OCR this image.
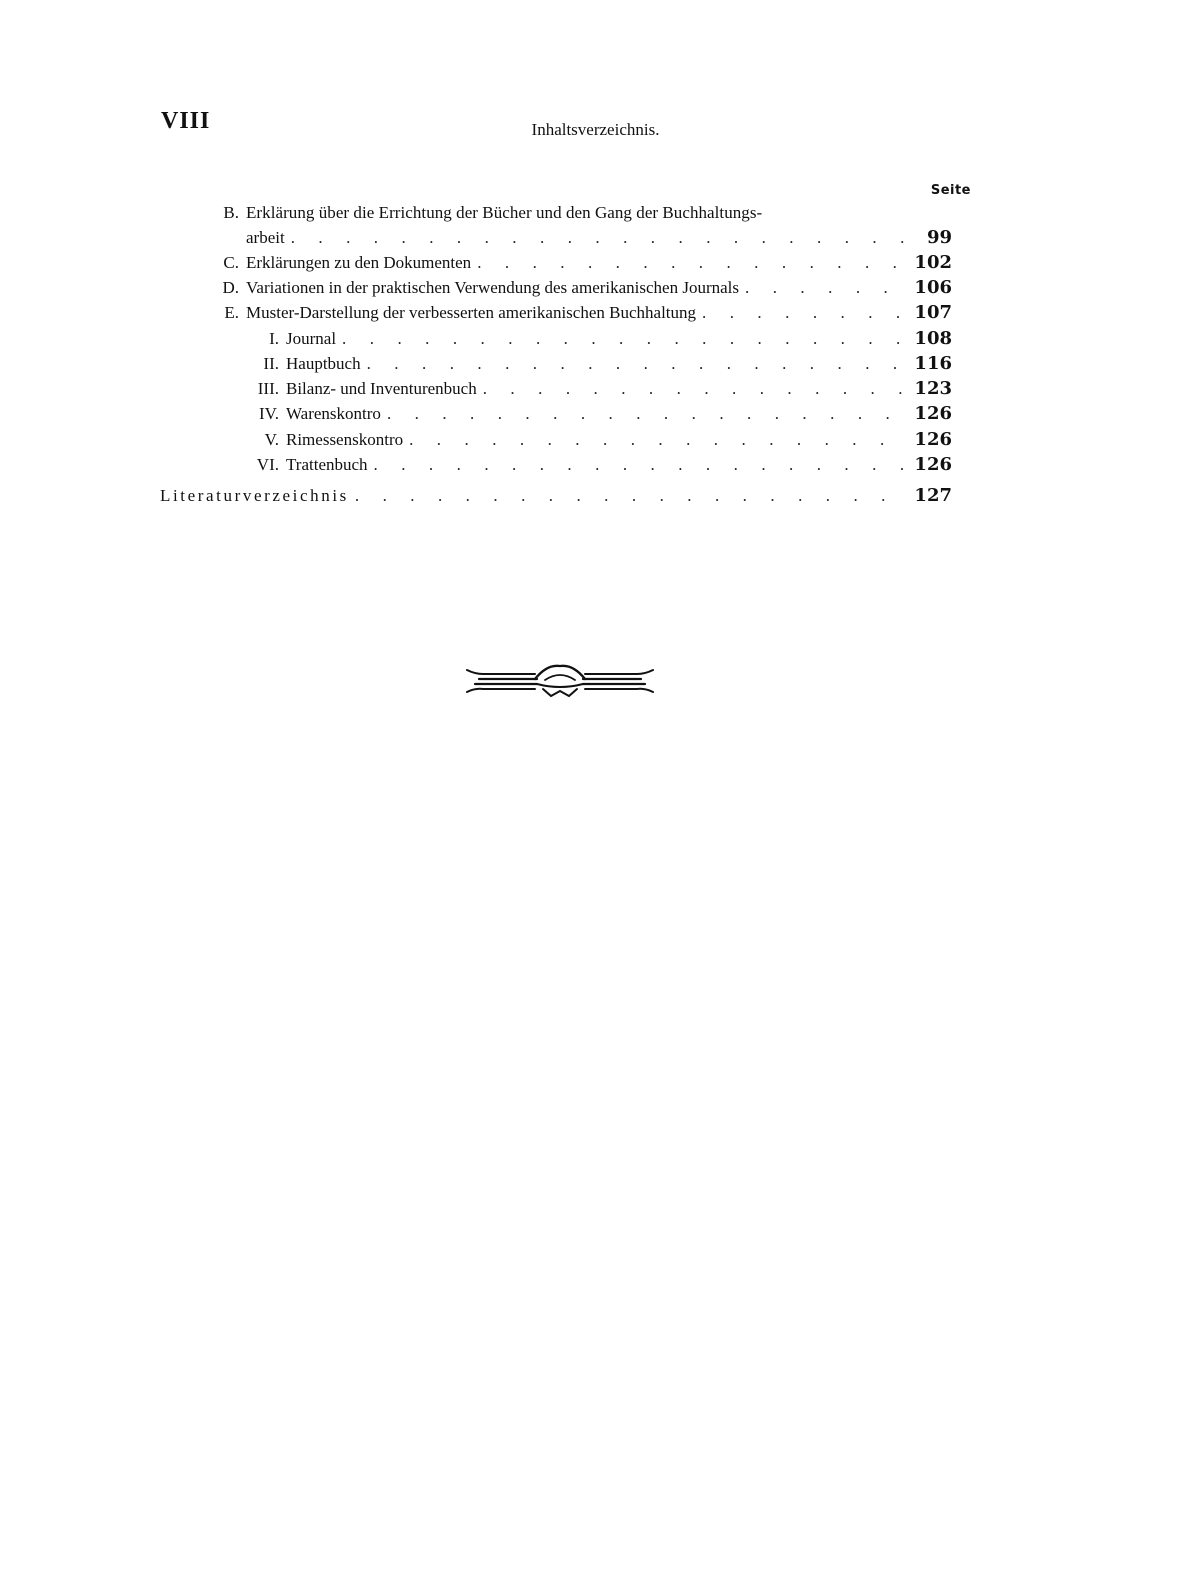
VIII	Inhaltsverzeichnis.
Seite
B. Erklärung über die Errichtung der Bücher und den Gang der Buchhaltungs-
arbeit . . .	99
C. Erklärungen zu den Dokumenten . . .	102
D. Variationen in der praktischen Verwendung des amerikanischen Journals . . .	106
E. Muster-Darstellung der verbesserten amerikanischen Buchhaltung . . .	107
I. Journal . . .	108
II. Hauptbuch . . .	116
III. Bilanz- und Inventurenbuch . . .	123
IV. Warenskontro . . .	126
V. Rimessenskontro . . .	126
VI. Trattenbuch . . .	126
Literaturverzeichnis . . .	127
